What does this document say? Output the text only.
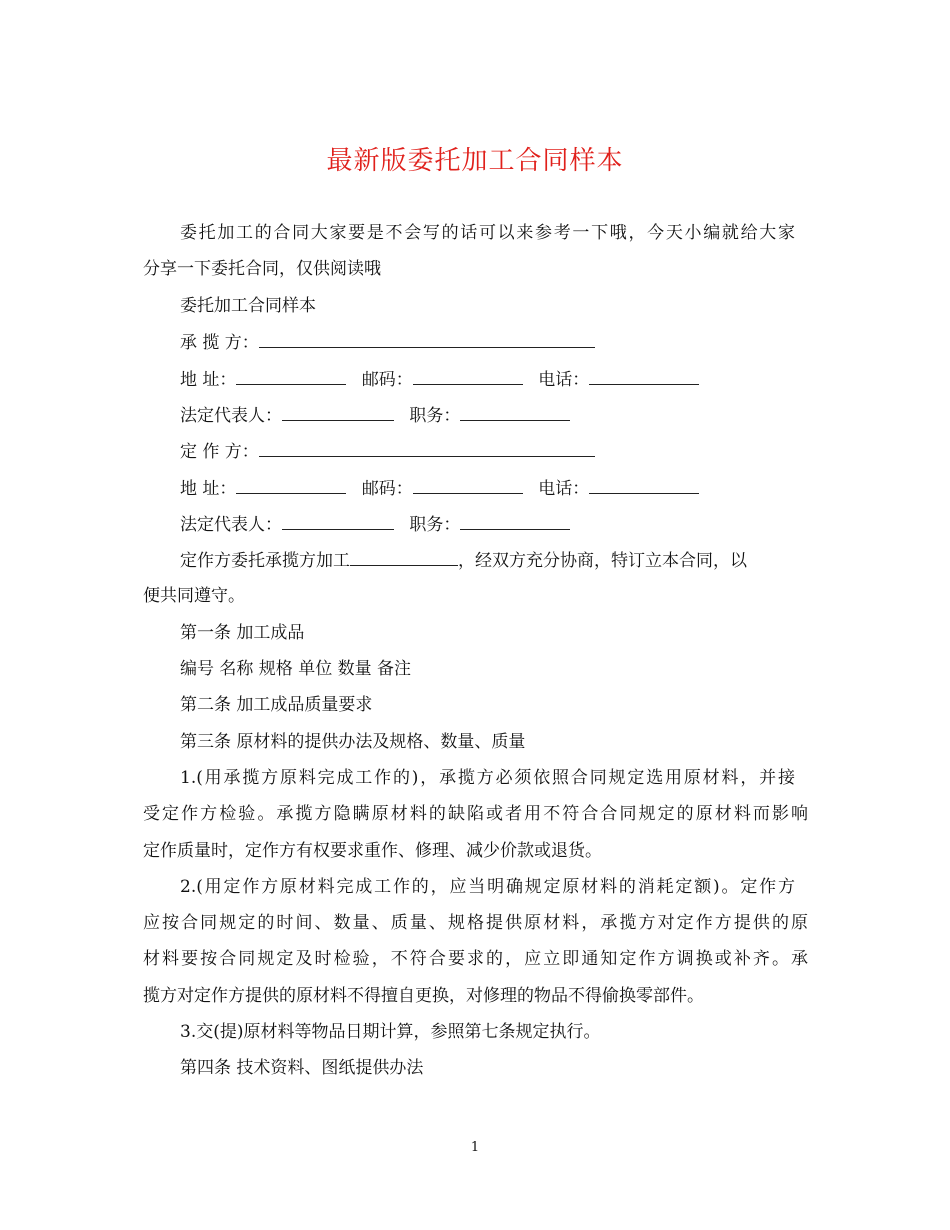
最新版委托加工合同样本
委托加工的合同大家要是不会写的话可以来参考一下哦，今天小编就给大家
分享一下委托合同，仅供阅读哦
委托加工合同样本
承 揽 方：
地 址：	邮码：	电话：
法定代表人：	职务：
定 作 方：
地 址：	邮码：	电话：
法定代表人：	职务：
定作方委托承揽方加工	，经双方充分协商，特订立本合同，以
便共同遵守。
第一条 加工成品
编号 名称 规格 单位 数量 备注
第二条 加工成品质量要求
第三条 原材料的提供办法及规格、数量、质量
1.(用承揽方原料完成工作的)，承揽方必须依照合同规定选用原材料，并接
受定作方检验。承揽方隐瞒原材料的缺陷或者用不符合合同规定的原材料而影响
定作质量时，定作方有权要求重作、修理、减少价款或退货。
2.(用定作方原材料完成工作的，应当明确规定原材料的消耗定额)。定作方
应按合同规定的时间、数量、质量、规格提供原材料，承揽方对定作方提供的原
材料要按合同规定及时检验，不符合要求的，应立即通知定作方调换或补齐。承
揽方对定作方提供的原材料不得擅自更换，对修理的物品不得偷换零部件。
3.交(提)原材料等物品日期计算，参照第七条规定执行。
第四条 技术资料、图纸提供办法
1
